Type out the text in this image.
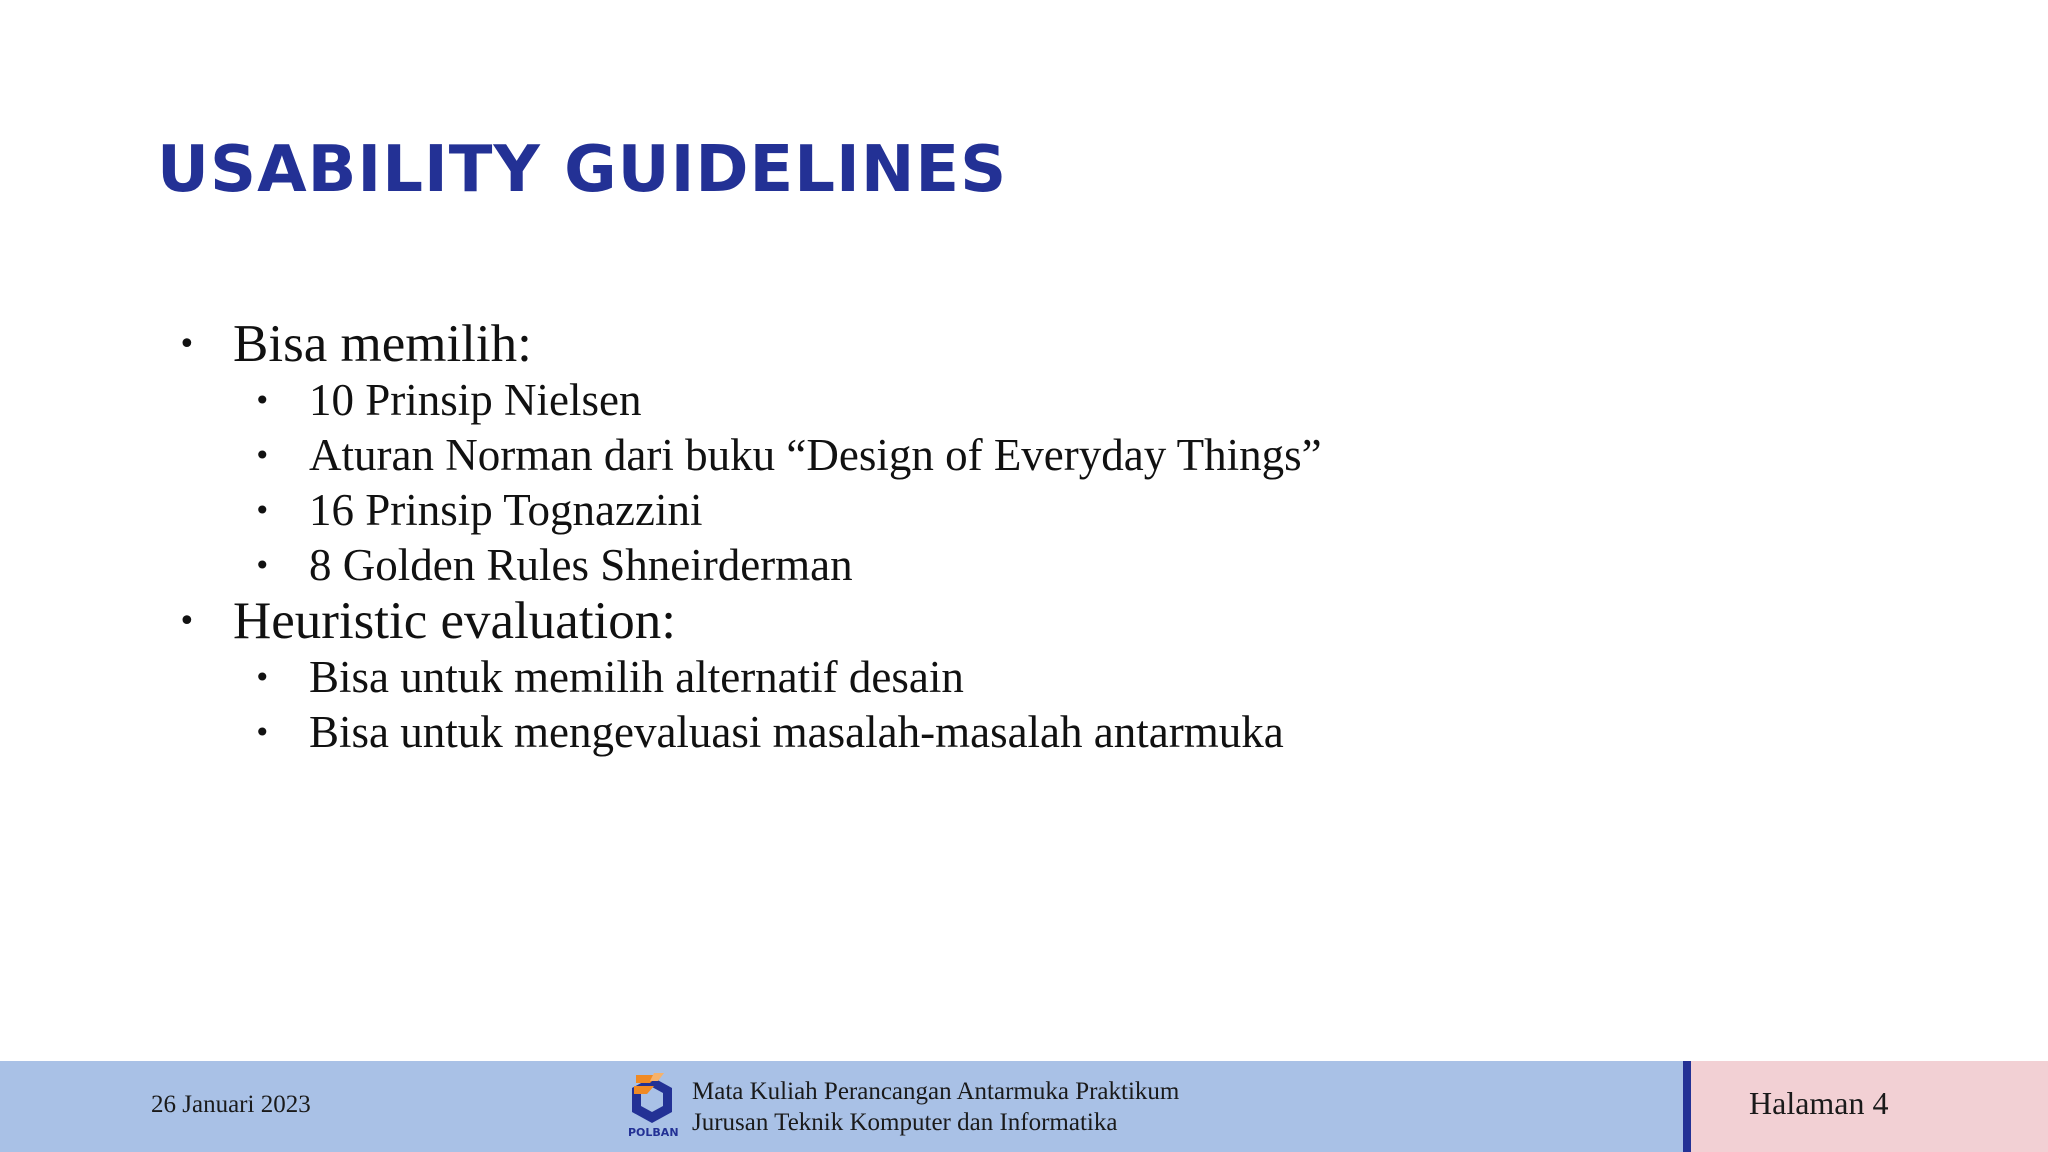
USABILITY GUIDELINES
• Bisa memilih:
• 10 Prinsip Nielsen
• Aturan Norman dari buku “Design of Everyday Things”
• 16 Prinsip Tognazzini
• 8 Golden Rules Shneirderman
• Heuristic evaluation:
• Bisa untuk memilih alternatif desain
• Bisa untuk mengevaluasi masalah-masalah antarmuka
26 Januari 2023
POLBAN
Mata Kuliah Perancangan Antarmuka Praktikum
Jurusan Teknik Komputer dan Informatika
Halaman 4
